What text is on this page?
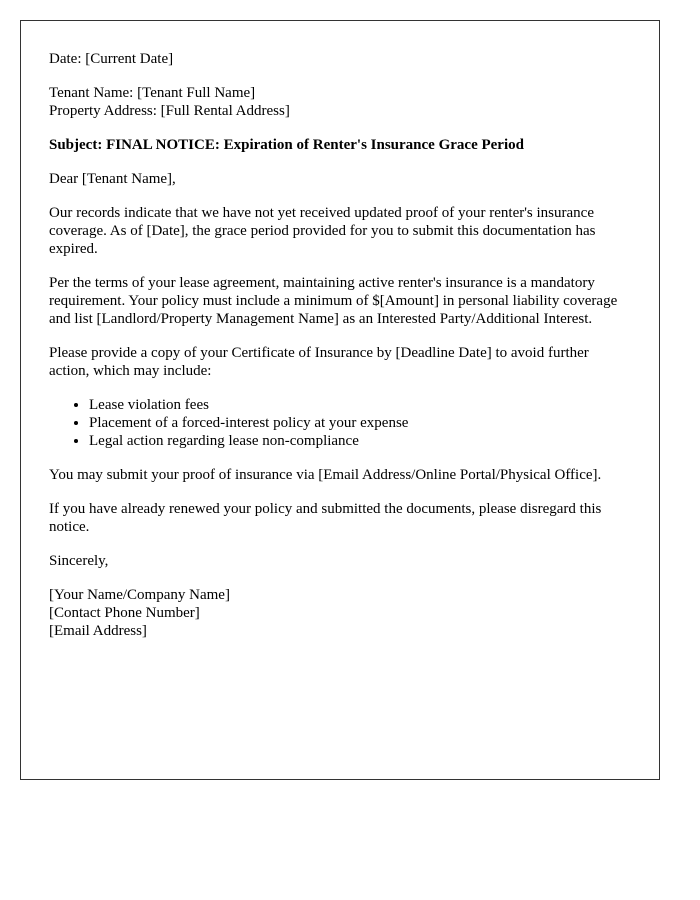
Date: [Current Date]

Tenant Name: [Tenant Full Name]
Property Address: [Full Rental Address]

Subject: FINAL NOTICE: Expiration of Renter's Insurance Grace Period

Dear [Tenant Name],

Our records indicate that we have not yet received updated proof of your renter's insurance coverage. As of [Date], the grace period provided for you to submit this documentation has expired.

Per the terms of your lease agreement, maintaining active renter's insurance is a mandatory requirement. Your policy must include a minimum of $[Amount] in personal liability coverage and list [Landlord/Property Management Name] as an Interested Party/Additional Interest.

Please provide a copy of your Certificate of Insurance by [Deadline Date] to avoid further action, which may include:

• Lease violation fees
• Placement of a forced-interest policy at your expense
• Legal action regarding lease non-compliance

You may submit your proof of insurance via [Email Address/Online Portal/Physical Office].

If you have already renewed your policy and submitted the documents, please disregard this notice.

Sincerely,

[Your Name/Company Name]
[Contact Phone Number]
[Email Address]
